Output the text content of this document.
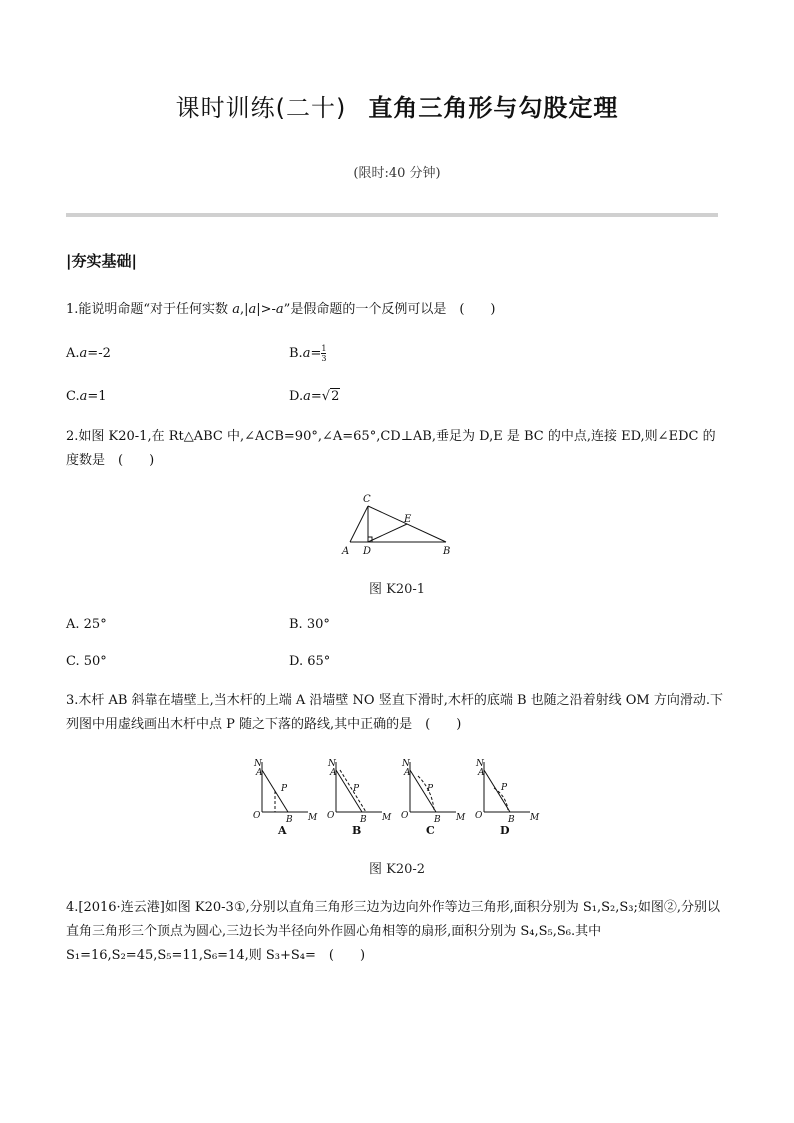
课时训练(二十) 直角三角形与勾股定理
(限时:40 分钟)
|夯实基础|
1.能说明命题“对于任何实数 a,|a|>-a”是假命题的一个反例可以是　(　　)
A.a=-2	$B.a= \frac{1}{3}$
C.a=1	D.a=√2
2.如图 K20-1,在 Rt△ABC 中,∠ACB=90°,∠A=65°,CD⊥AB,垂足为 D,E 是 BC 的中点,连接 ED,则∠EDC 的度数是　(　　)
C
E
A D	B
图 K20-1
A. 25°	B. 30°
C. 50°	D. 65°
3.木杆 AB 斜靠在墙壁上,当木杆的上端 A 沿墙壁 NO 竖直下滑时,木杆的底端 B 也随之沿着射线 OM 方向滑动.下列图中用虚线画出木杆中点 P 随之下落的路线,其中正确的是　(　　)
N
A
P
O	B M
A
N
A
P
O	B M
B
N
A
P
O	B M
C
N
A
P
O	B M
D
图 K20-2
4.[2016·连云港]如图 K20-3①,分别以直角三角形三边为边向外作等边三角形,面积分别为 S₁,S₂,S₃;如图②,分别以直角三角形三个顶点为圆心,三边长为半径向外作圆心角相等的扇形,面积分别为 S₄,S₅,S₆.其中 S₁=16,S₂=45,S₅=11,S₆=14,则 S₃+S₄=　(　　)
